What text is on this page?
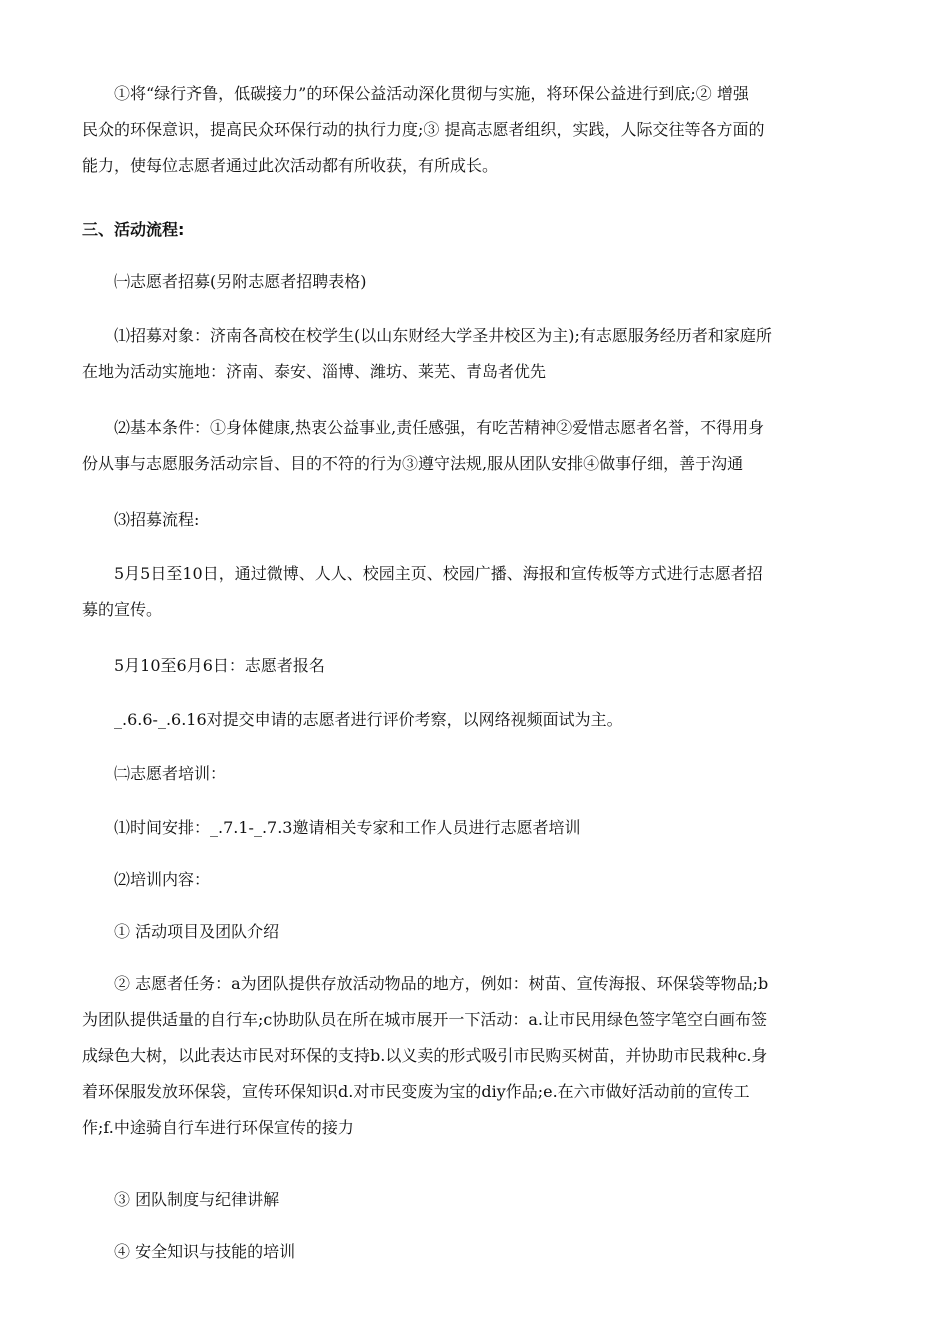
①将“绿行齐鲁，低碳接力”的环保公益活动深化贯彻与实施，将环保公益进行到底;② 增强
民众的环保意识，提高民众环保行动的执行力度;③ 提高志愿者组织，实践，人际交往等各方面的
能力，使每位志愿者通过此次活动都有所收获，有所成长。

三、活动流程:

㈠志愿者招募(另附志愿者招聘表格)

⑴招募对象：济南各高校在校学生(以山东财经大学圣井校区为主);有志愿服务经历者和家庭所
在地为活动实施地：济南、泰安、淄博、潍坊、莱芜、青岛者优先

⑵基本条件：①身体健康,热衷公益事业,责任感强，有吃苦精神②爱惜志愿者名誉，不得用身
份从事与志愿服务活动宗旨、目的不符的行为③遵守法规,服从团队安排④做事仔细，善于沟通

⑶招募流程:

5月5日至10日，通过微博、人人、校园主页、校园广播、海报和宣传板等方式进行志愿者招
募的宣传。

5月10至6月6日：志愿者报名

_.6.6-_.6.16对提交申请的志愿者进行评价考察，以网络视频面试为主。

㈡志愿者培训：

⑴时间安排：_.7.1-_.7.3邀请相关专家和工作人员进行志愿者培训

⑵培训内容：

① 活动项目及团队介绍

② 志愿者任务：a为团队提供存放活动物品的地方，例如：树苗、宣传海报、环保袋等物品;b
为团队提供适量的自行车;c协助队员在所在城市展开一下活动：a.让市民用绿色签字笔空白画布签
成绿色大树，以此表达市民对环保的支持b.以义卖的形式吸引市民购买树苗，并协助市民栽种c.身
着环保服发放环保袋，宣传环保知识d.对市民变废为宝的diy作品;e.在六市做好活动前的宣传工
作;f.中途骑自行车进行环保宣传的接力

③ 团队制度与纪律讲解

④ 安全知识与技能的培训
